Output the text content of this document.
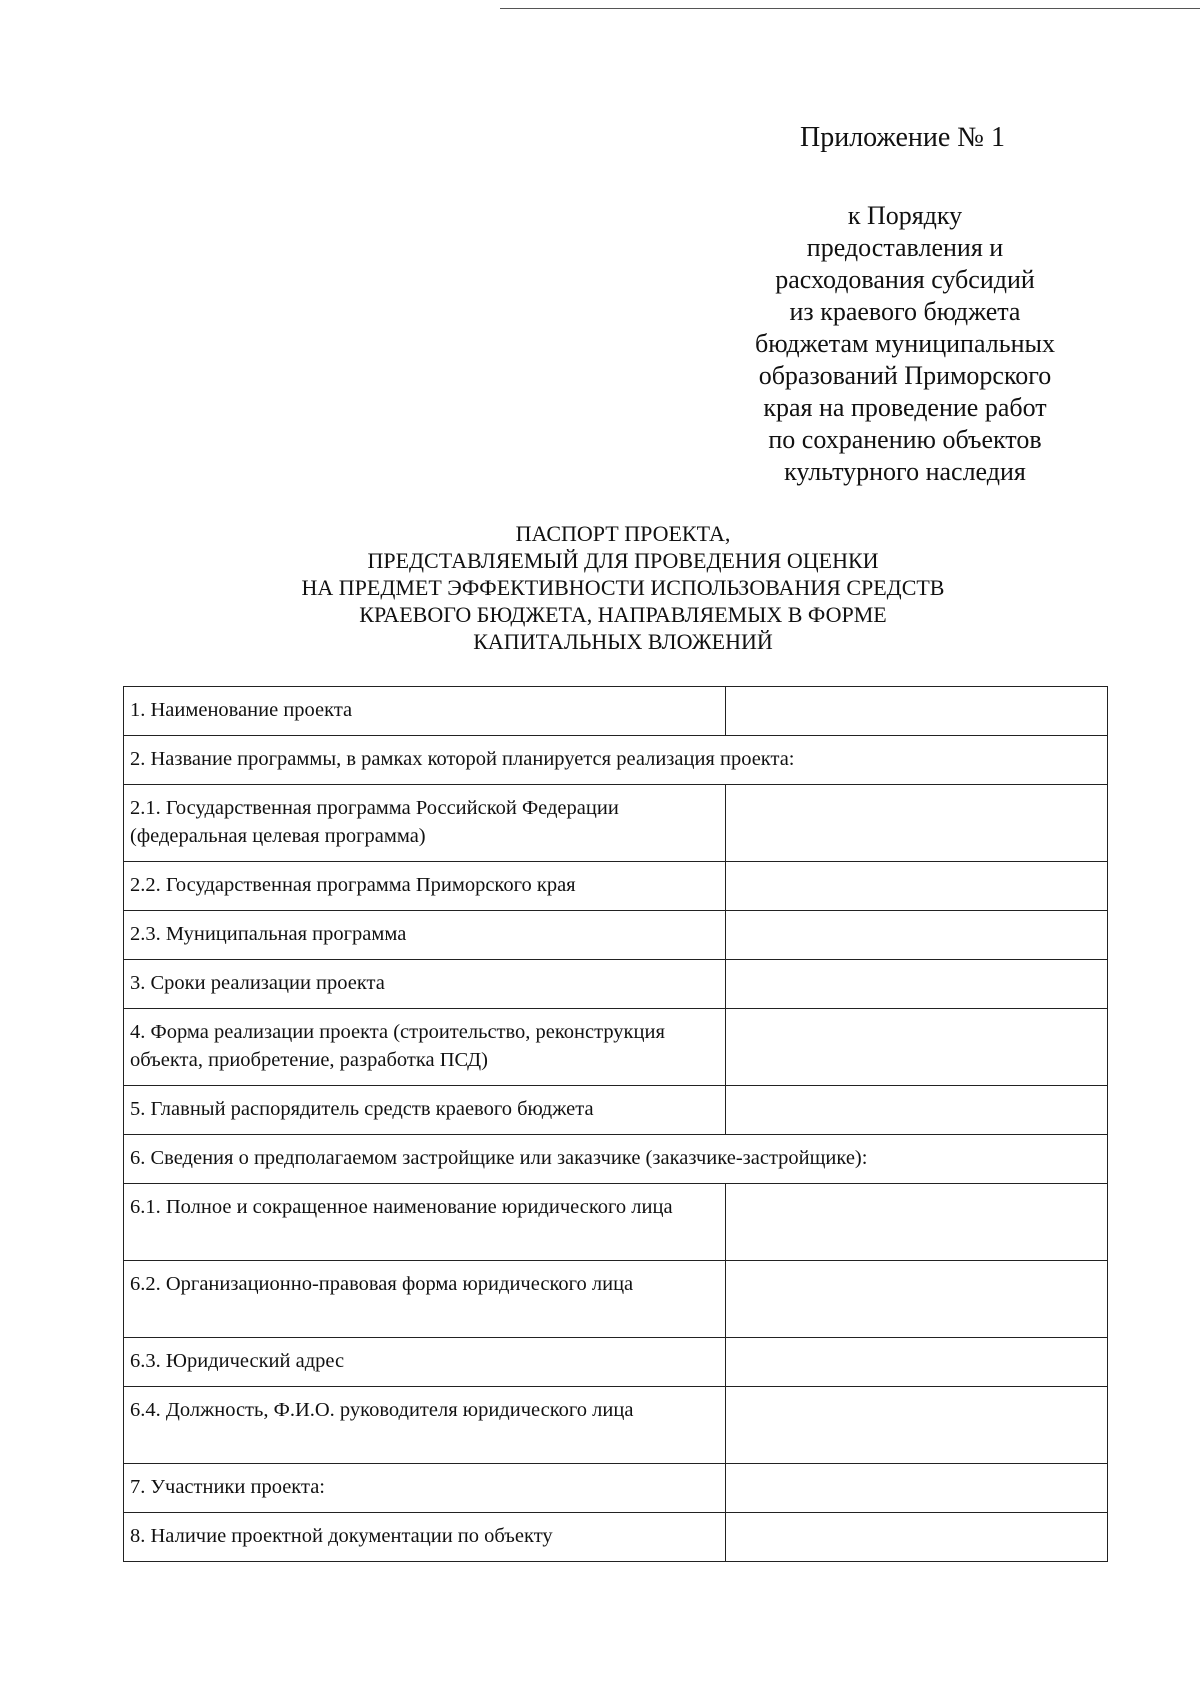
Приложение № 1
к Порядку
предоставления и
расходования субсидий
из краевого бюджета
бюджетам муниципальных
образований Приморского
края на проведение работ
по сохранению объектов
культурного наследия
ПАСПОРТ ПРОЕКТА,
ПРЕДСТАВЛЯЕМЫЙ ДЛЯ ПРОВЕДЕНИЯ ОЦЕНКИ
НА ПРЕДМЕТ ЭФФЕКТИВНОСТИ ИСПОЛЬЗОВАНИЯ СРЕДСТВ
КРАЕВОГО БЮДЖЕТА, НАПРАВЛЯЕМЫХ В ФОРМЕ
КАПИТАЛЬНЫХ ВЛОЖЕНИЙ
1. Наименование проекта	
2. Название программы, в рамках которой планируется реализация проекта:	
2.1. Государственная программа Российской Федерации (федеральная целевая программа)	
2.2. Государственная программа Приморского края	
2.3. Муниципальная программа	
3. Сроки реализации проекта	
4. Форма реализации проекта (строительство, реконструкция объекта, приобретение, разработка ПСД)	
5. Главный распорядитель средств краевого бюджета	
6. Сведения о предполагаемом застройщике или заказчике (заказчике-застройщике):	
6.1. Полное и сокращенное наименование юридического лица	
6.2. Организационно-правовая форма юридического лица	
6.3. Юридический адрес	
6.4. Должность, Ф.И.О. руководителя юридического лица	
7. Участники проекта:	
8. Наличие проектной документации по объекту	
